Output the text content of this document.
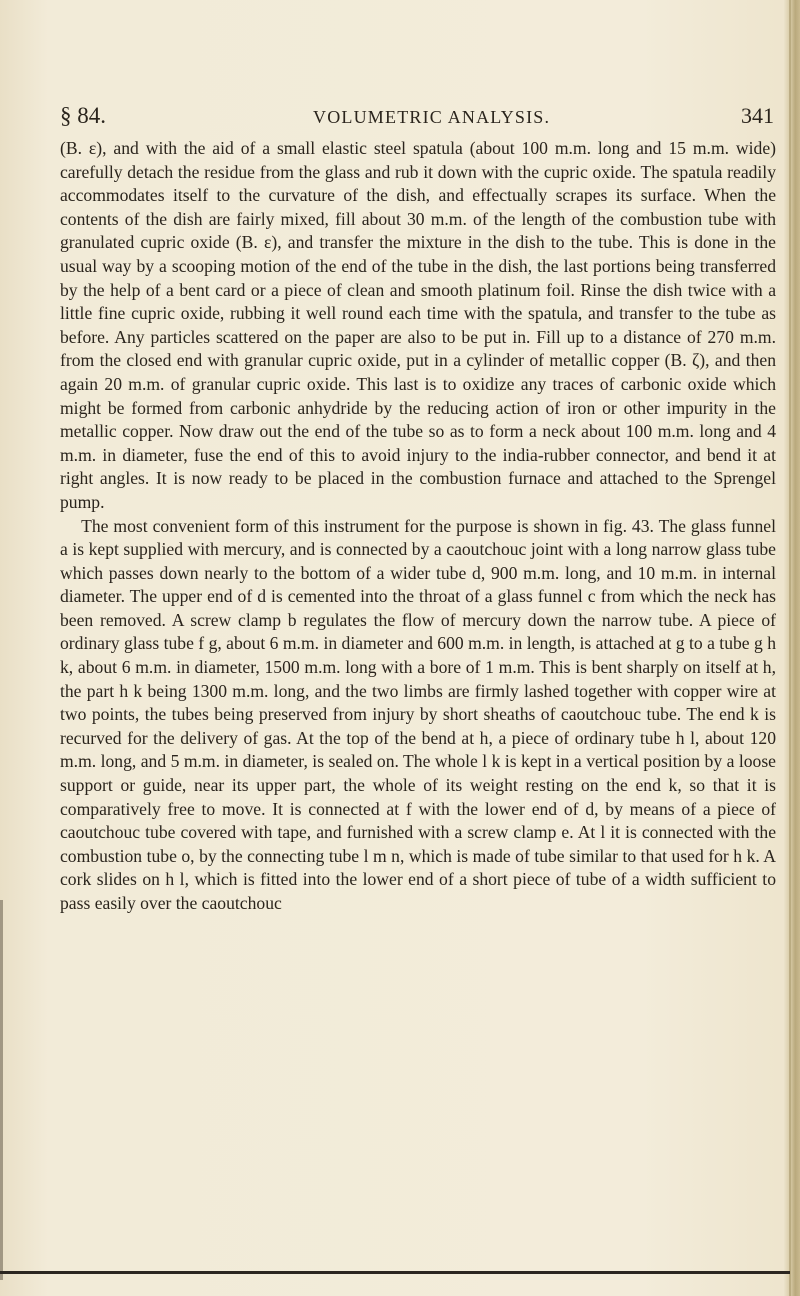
§ 84.	VOLUMETRIC ANALYSIS.	341

(B. ε), and with the aid of a small elastic steel spatula (about 100 m.m. long and 15 m.m. wide) carefully detach the residue from the glass and rub it down with the cupric oxide. The spatula readily accommodates itself to the curvature of the dish, and effectually scrapes its surface. When the contents of the dish are fairly mixed, fill about 30 m.m. of the length of the combustion tube with granulated cupric oxide (B. ε), and transfer the mixture in the dish to the tube. This is done in the usual way by a scooping motion of the end of the tube in the dish, the last portions being transferred by the help of a bent card or a piece of clean and smooth platinum foil. Rinse the dish twice with a little fine cupric oxide, rubbing it well round each time with the spatula, and transfer to the tube as before. Any particles scattered on the paper are also to be put in. Fill up to a distance of 270 m.m. from the closed end with granular cupric oxide, put in a cylinder of metallic copper (B. ζ), and then again 20 m.m. of granular cupric oxide. This last is to oxidize any traces of carbonic oxide which might be formed from carbonic anhydride by the reducing action of iron or other impurity in the metallic copper. Now draw out the end of the tube so as to form a neck about 100 m.m. long and 4 m.m. in diameter, fuse the end of this to avoid injury to the india-rubber connector, and bend it at right angles. It is now ready to be placed in the combustion furnace and attached to the Sprengel pump.

The most convenient form of this instrument for the purpose is shown in fig. 43. The glass funnel a is kept supplied with mercury, and is connected by a caoutchouc joint with a long narrow glass tube which passes down nearly to the bottom of a wider tube d, 900 m.m. long, and 10 m.m. in internal diameter. The upper end of d is cemented into the throat of a glass funnel c from which the neck has been removed. A screw clamp b regulates the flow of mercury down the narrow tube. A piece of ordinary glass tube f g, about 6 m.m. in diameter and 600 m.m. in length, is attached at g to a tube g h k, about 6 m.m. in diameter, 1500 m.m. long with a bore of 1 m.m. This is bent sharply on itself at h, the part h k being 1300 m.m. long, and the two limbs are firmly lashed together with copper wire at two points, the tubes being preserved from injury by short sheaths of caoutchouc tube. The end k is recurved for the delivery of gas. At the top of the bend at h, a piece of ordinary tube h l, about 120 m.m. long, and 5 m.m. in diameter, is sealed on. The whole l k is kept in a vertical position by a loose support or guide, near its upper part, the whole of its weight resting on the end k, so that it is comparatively free to move. It is connected at f with the lower end of d, by means of a piece of caoutchouc tube covered with tape, and furnished with a screw clamp e. At l it is connected with the combustion tube o, by the connecting tube l m n, which is made of tube similar to that used for h k. A cork slides on h l, which is fitted into the lower end of a short piece of tube of a width sufficient to pass easily over the caoutchouc
